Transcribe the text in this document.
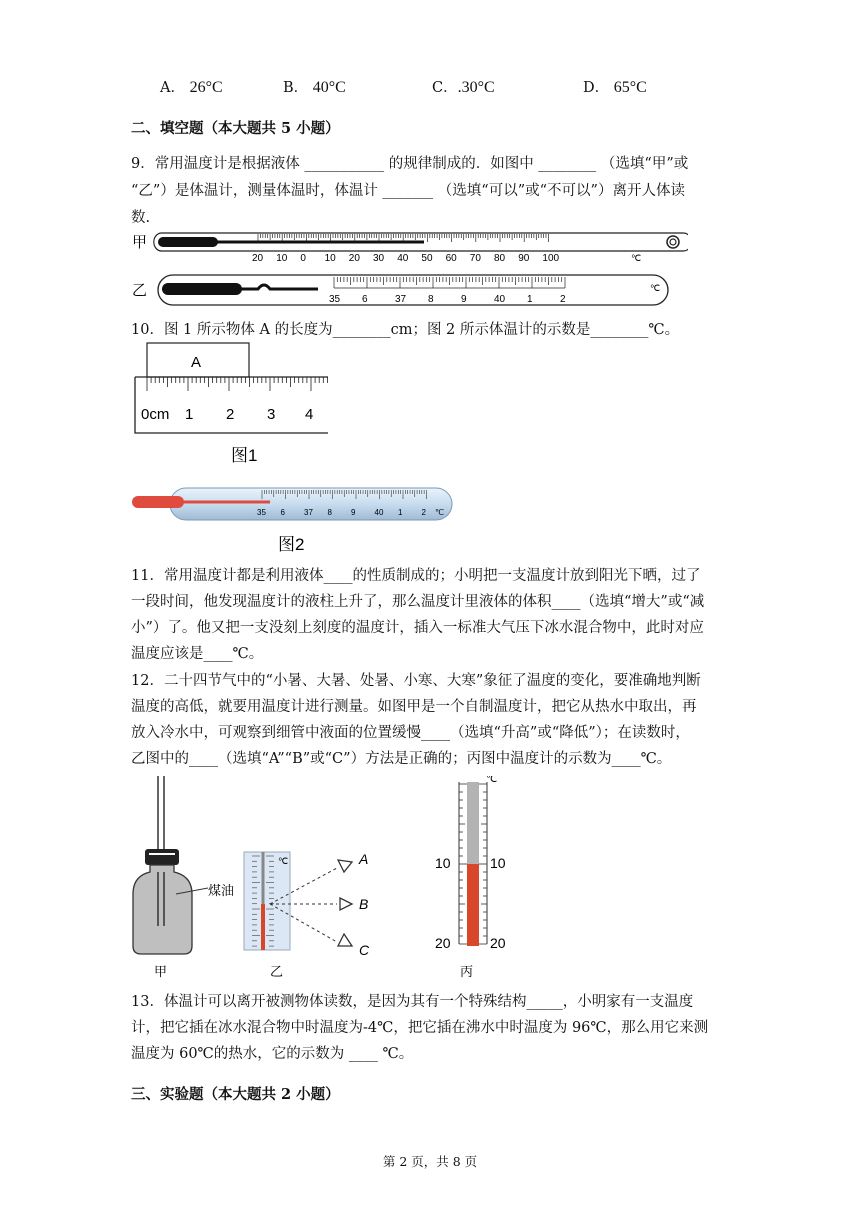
A． 26°C	B． 40°C	C．.30°C	D． 65°C
二、填空题（本大题共 5 小题）
9．常用温度计是根据液体 ___________ 的规律制成的．如图中 ________ （选填“甲”或
“乙”）是体温计，测量体温时，体温计 _______ （选填“可以”或“不可以”）离开人体读
数.
甲
20 10 0 10 20 30 40 50 60 70 80 90 100	℃
乙
35 6	37 8	9	40 1	2
℃
10．图 1 所示物体 A 的长度为________cm；图 2 所示体温计的示数是________℃。
A
0cm 1 2 3 4
图1
35 6 37 8 9 40 1 2 ℃
图2
11．常用温度计都是利用液体____的性质制成的；小明把一支温度计放到阳光下晒，过了
一段时间，他发现温度计的液柱上升了，那么温度计里液体的体积____（选填“增大”或“减
小”）了。他又把一支没刻上刻度的温度计，插入一标准大气压下冰水混合物中，此时对应
温度应该是____℃。
12．二十四节气中的“小暑、大暑、处暑、小寒、大寒”象征了温度的变化，要准确地判断
温度的高低，就要用温度计进行测量。如图甲是一个自制温度计，把它从热水中取出，再
放入冷水中，可观察到细管中液面的位置缓慢____（选填“升高”或“降低”）；在读数时，
乙图中的____（选填“A”“B”或“C”）方法是正确的；丙图中温度计的示数为____℃。
煤油
甲
℃	A
B
C
乙
℃
10	10
20	20
丙
13．体温计可以离开被测物体读数，是因为其有一个特殊结构_____，小明家有一支温度
计，把它插在冰水混合物中时温度为-4℃，把它插在沸水中时温度为 96℃，那么用它来测
温度为 60℃的热水，它的示数为 ____ ℃。
三、实验题（本大题共 2 小题）
第 2 页，共 8 页
